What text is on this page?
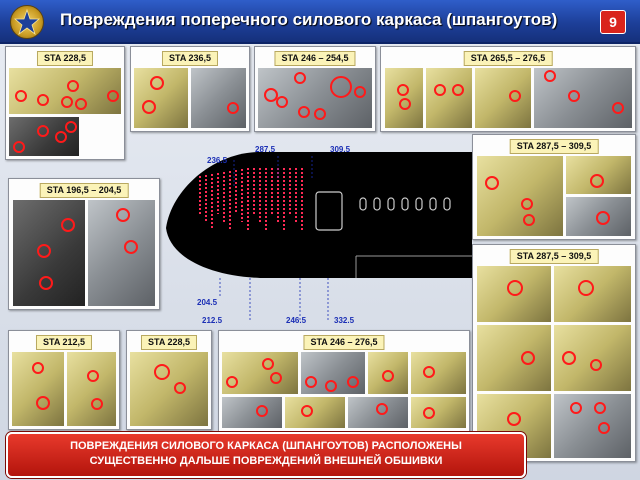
Повреждения поперечного силового каркаса (шпангоутов)	9
STA 228,5	STA 236,5	STA 246 – 254,5	STA 265,5 – 276,5
STA 287,5 – 309,5
STA 196,5 – 204,5
236.5
287.5	309.5
204.5
212.5	246.5	332.5
STA 287,5 – 309,5
STA 212,5	STA 228,5	STA 246 – 276,5
ПОВРЕЖДЕНИЯ СИЛОВОГО КАРКАСА (ШПАНГОУТОВ) РАСПОЛОЖЕНЫ
СУЩЕСТВЕННО ДАЛЬШЕ ПОВРЕЖДЕНИЙ ВНЕШНЕЙ ОБШИВКИ
